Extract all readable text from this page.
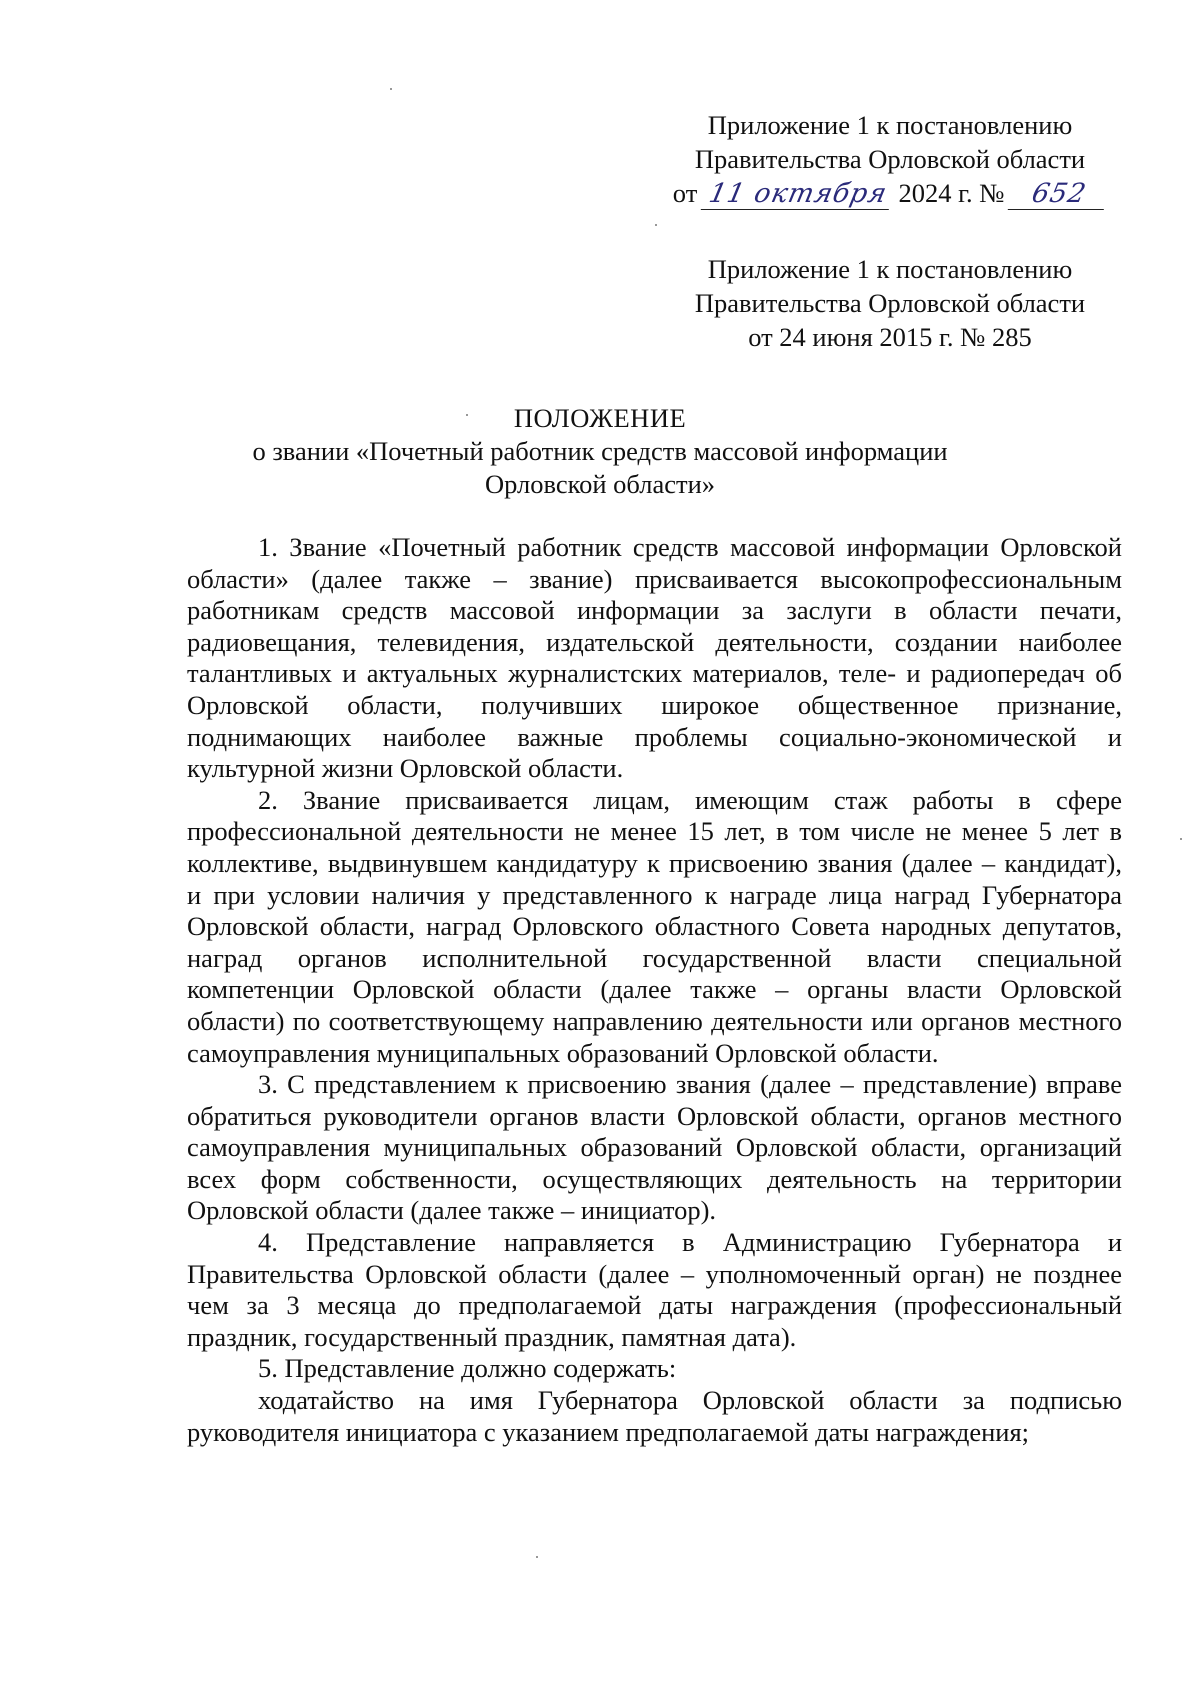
Приложение 1 к постановлению
Правительства Орловской области
от 11 октября 2024 г. № 652
Приложение 1 к постановлению
Правительства Орловской области
от 24 июня 2015 г. № 285
ПОЛОЖЕНИЕ
о звании «Почетный работник средств массовой информации
Орловской области»

1. Звание «Почетный работник средств массовой информации Орловской области» (далее также – звание) присваивается высокопрофессиональным работникам средств массовой информации за заслуги в области печати, радиовещания, телевидения, издательской деятельности, создании наиболее талантливых и актуальных журналистских материалов, теле- и радиопередач об Орловской области, получивших широкое общественное признание, поднимающих наиболее важные проблемы социально-экономической и культурной жизни Орловской области.

2. Звание присваивается лицам, имеющим стаж работы в сфере профессиональной деятельности не менее 15 лет, в том числе не менее 5 лет в коллективе, выдвинувшем кандидатуру к присвоению звания (далее – кандидат), и при условии наличия у представленного к награде лица наград Губернатора Орловской области, наград Орловского областного Совета народных депутатов, наград органов исполнительной государственной власти специальной компетенции Орловской области (далее также – органы власти Орловской области) по соответствующему направлению деятельности или органов местного самоуправления муниципальных образований Орловской области.

3. С представлением к присвоению звания (далее – представление) вправе обратиться руководители органов власти Орловской области, органов местного самоуправления муниципальных образований Орловской области, организаций всех форм собственности, осуществляющих деятельность на территории Орловской области (далее также – инициатор).

4. Представление направляется в Администрацию Губернатора и Правительства Орловской области (далее – уполномоченный орган) не позднее чем за 3 месяца до предполагаемой даты награждения (профессиональный праздник, государственный праздник, памятная дата).

5. Представление должно содержать:

ходатайство на имя Губернатора Орловской области за подписью руководителя инициатора с указанием предполагаемой даты награждения;
